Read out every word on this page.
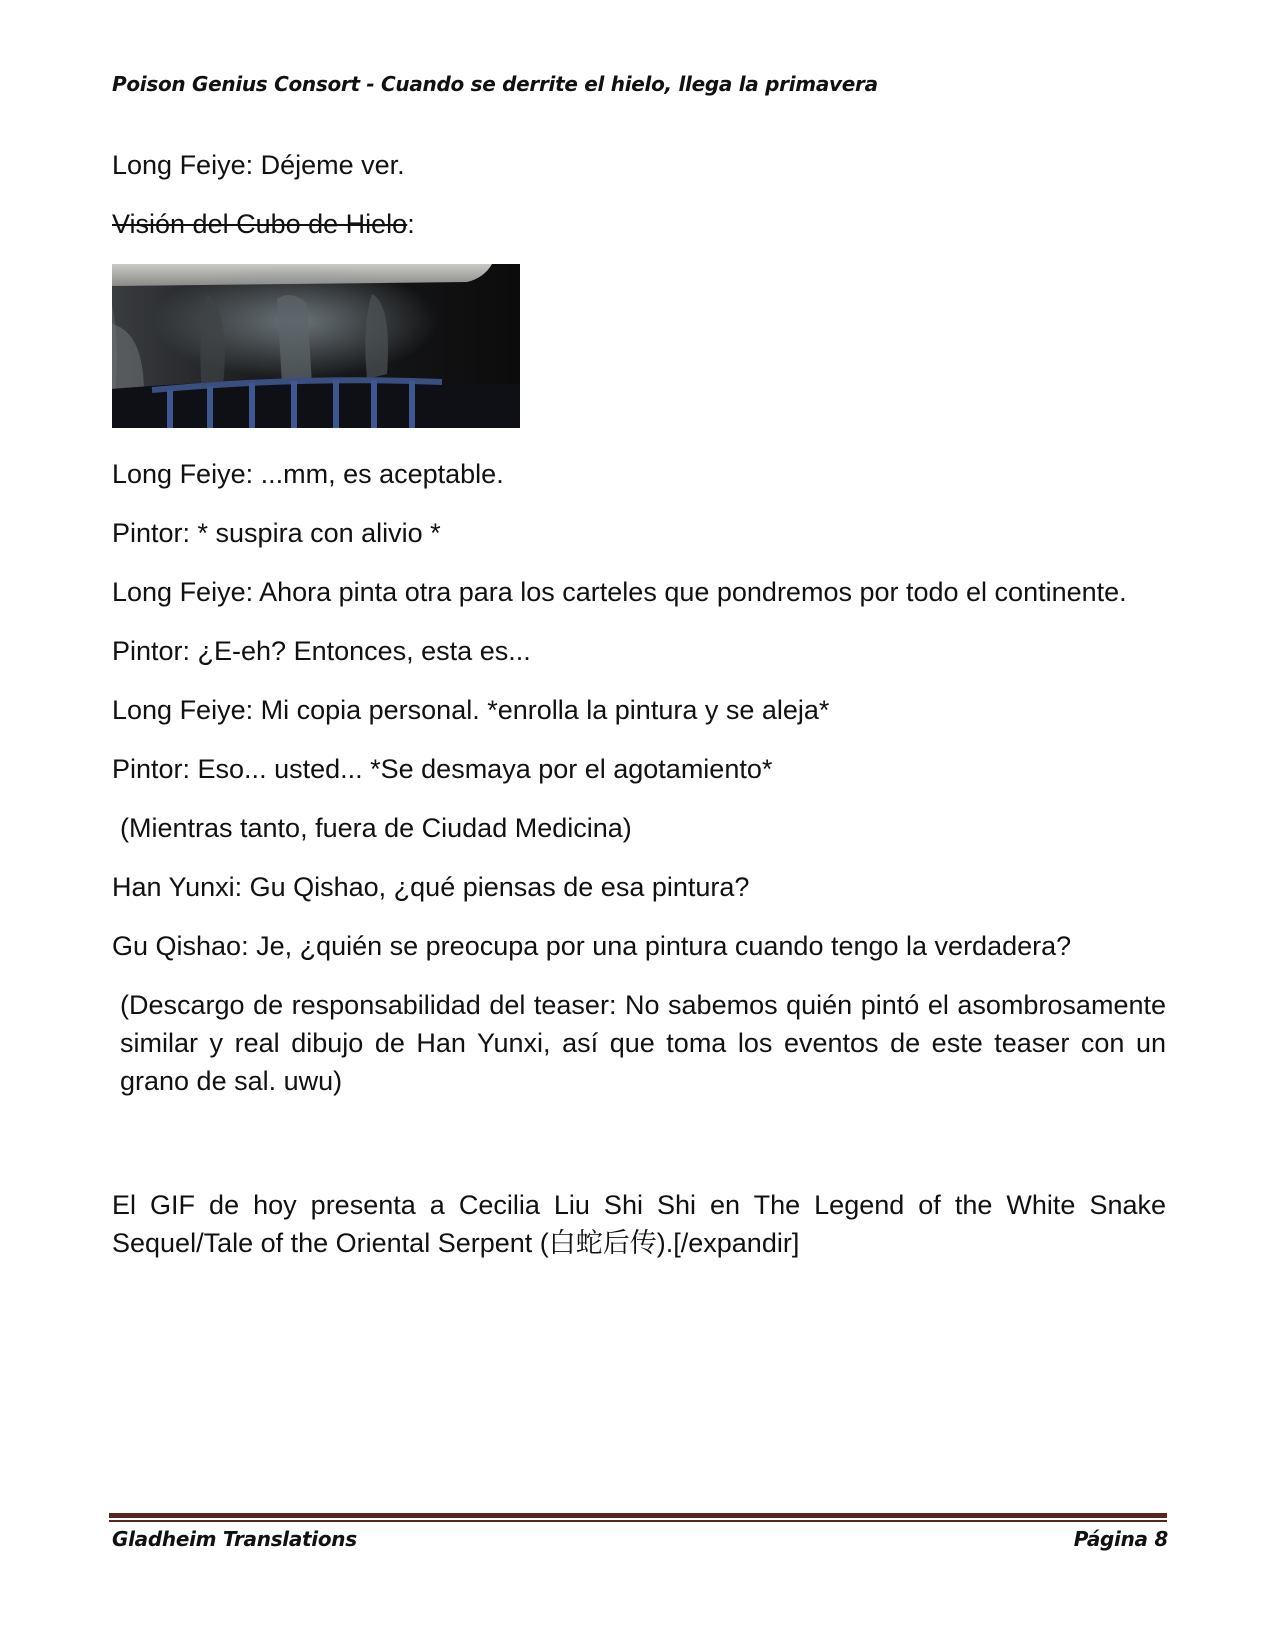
Poison Genius Consort - Cuando se derrite el hielo, llega la primavera

Long Feiye: Déjeme ver.

Visión del Cubo de Hielo:

Long Feiye: ...mm, es aceptable.

Pintor: * suspira con alivio *

Long Feiye: Ahora pinta otra para los carteles que pondremos por todo el continente.

Pintor: ¿E-eh? Entonces, esta es...

Long Feiye: Mi copia personal. *enrolla la pintura y se aleja*

Pintor: Eso... usted... *Se desmaya por el agotamiento*

(Mientras tanto, fuera de Ciudad Medicina)

Han Yunxi: Gu Qishao, ¿qué piensas de esa pintura?

Gu Qishao: Je, ¿quién se preocupa por una pintura cuando tengo la verdadera?

(Descargo de responsabilidad del teaser: No sabemos quién pintó el asombrosamente similar y real dibujo de Han Yunxi, así que toma los eventos de este teaser con un grano de sal. uwu)

El GIF de hoy presenta a Cecilia Liu Shi Shi en The Legend of the White Snake Sequel/Tale of the Oriental Serpent (白蛇后传).[/expandir]

Gladheim Translations	Página 8
